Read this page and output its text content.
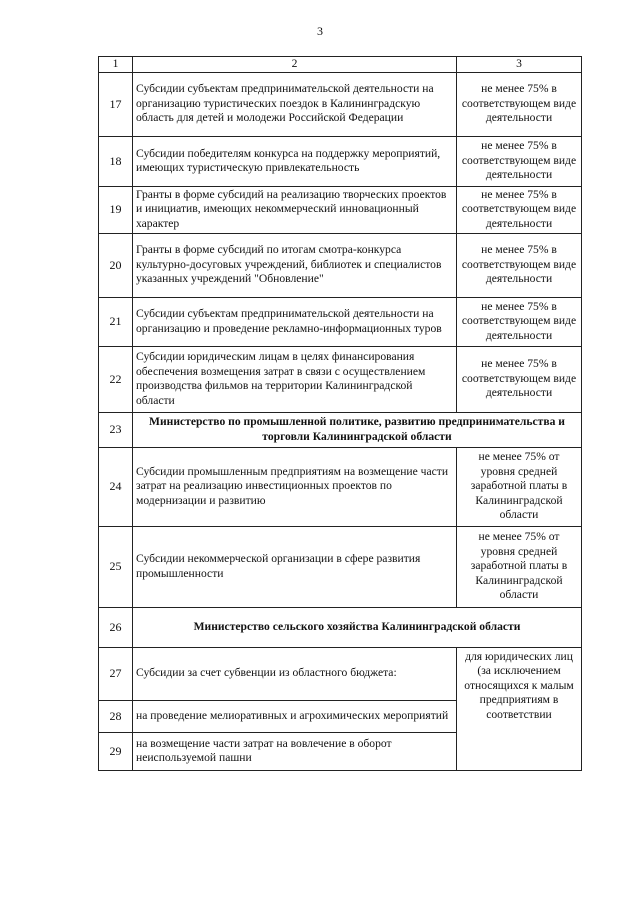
3
1	2	3
17	Субсидии субъектам предпринимательской деятельности на организацию туристических поездок в Калининградскую область для детей и молодежи Российской Федерации	не менее 75% в соответствующем виде деятельности
18	Субсидии победителям конкурса на поддержку мероприятий, имеющих туристическую привлекательность	не менее 75% в соответствующем виде деятельности
19	Гранты в форме субсидий на реализацию творческих проектов и инициатив, имеющих некоммерческий инновационный характер	не менее 75% в соответствующем виде деятельности
20	Гранты в форме субсидий по итогам смотра-конкурса культурно-досуговых учреждений, библиотек и специалистов указанных учреждений "Обновление"	не менее 75% в соответствующем виде деятельности
21	Субсидии субъектам предпринимательской деятельности на организацию и проведение рекламно-информационных туров	не менее 75% в соответствующем виде деятельности
22	Субсидии юридическим лицам в целях финансирования обеспечения возмещения затрат в связи с осуществлением производства фильмов на территории Калининградской области	не менее 75% в соответствующем виде деятельности
23	Министерство по промышленной политике, развитию предпринимательства и торговли Калининградской области	
24	Субсидии промышленным предприятиям на возмещение части затрат на реализацию инвестиционных проектов по модернизации и развитию	не менее 75% от уровня средней заработной платы в Калининградской области
25	Субсидии некоммерческой организации в сфере развития промышленности	не менее 75% от уровня средней заработной платы в Калининградской области
26	Министерство сельского хозяйства Калининградской области	
27	Субсидии за счет субвенции из областного бюджета:	для юридических лиц (за исключением относящихся к малым предприятиям в соответствии
28	на проведение мелиоративных и агрохимических мероприятий	
29	на возмещение части затрат на вовлечение в оборот неиспользуемой пашни	
